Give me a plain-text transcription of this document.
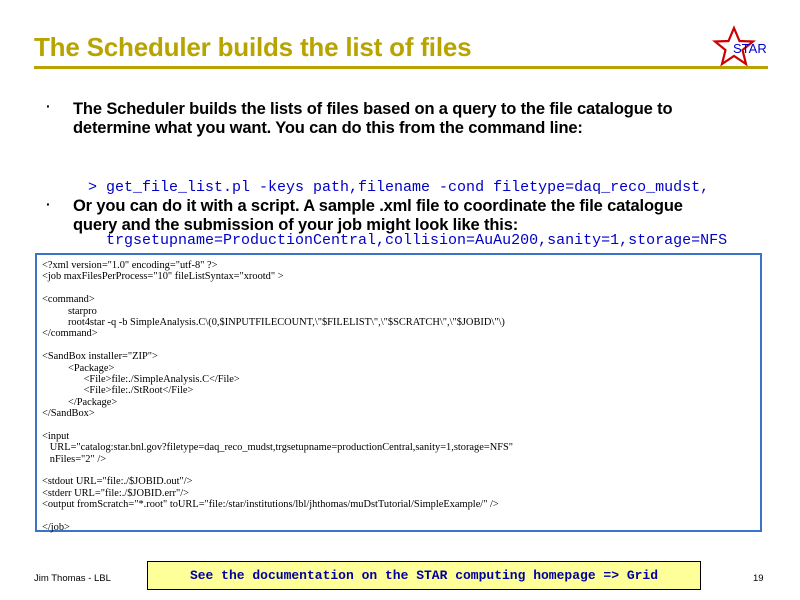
The Scheduler builds the list of files	STAR
· The Scheduler builds the lists of files based on a query to the file catalogue to
determine what you want. You can do this from the command line:

> get_file_list.pl -keys path,filename -cond filetype=daq_reco_mudst,

trgsetupname=ProductionCentral,collision=AuAu200,sanity=1,storage=NFS

· Or you can do it with a script. A sample .xml file to coordinate the file catalogue
query and the submission of your job might look like this:
<?xml version="1.0" encoding="utf-8" ?>
<job maxFilesPerProcess="10" fileListSyntax="xrootd" >
<command>
starpro
root4star -q -b SimpleAnalysis.C\(0,$INPUTFILECOUNT,\"$FILELIST\",\"$SCRATCH\",\"$JOBID\"\)
</command>
<SandBox installer="ZIP">
<Package>
<File>file:./SimpleAnalysis.C</File>
<File>file:./StRoot</File>
</Package>
</SandBox>
<input
URL="catalog:star.bnl.gov?filetype=daq_reco_mudst,trgsetupname=productionCentral,sanity=1,storage=NFS"
nFiles="2" />
<stdout URL="file:./$JOBID.out"/>
<stderr URL="file:./$JOBID.err"/>
<output fromScratch="*.root" toURL="file:/star/institutions/lbl/jhthomas/muDstTutorial/SimpleExample/" />
</job>
Jim Thomas - LBL	See the documentation on the STAR computing homepage => Grid	19
